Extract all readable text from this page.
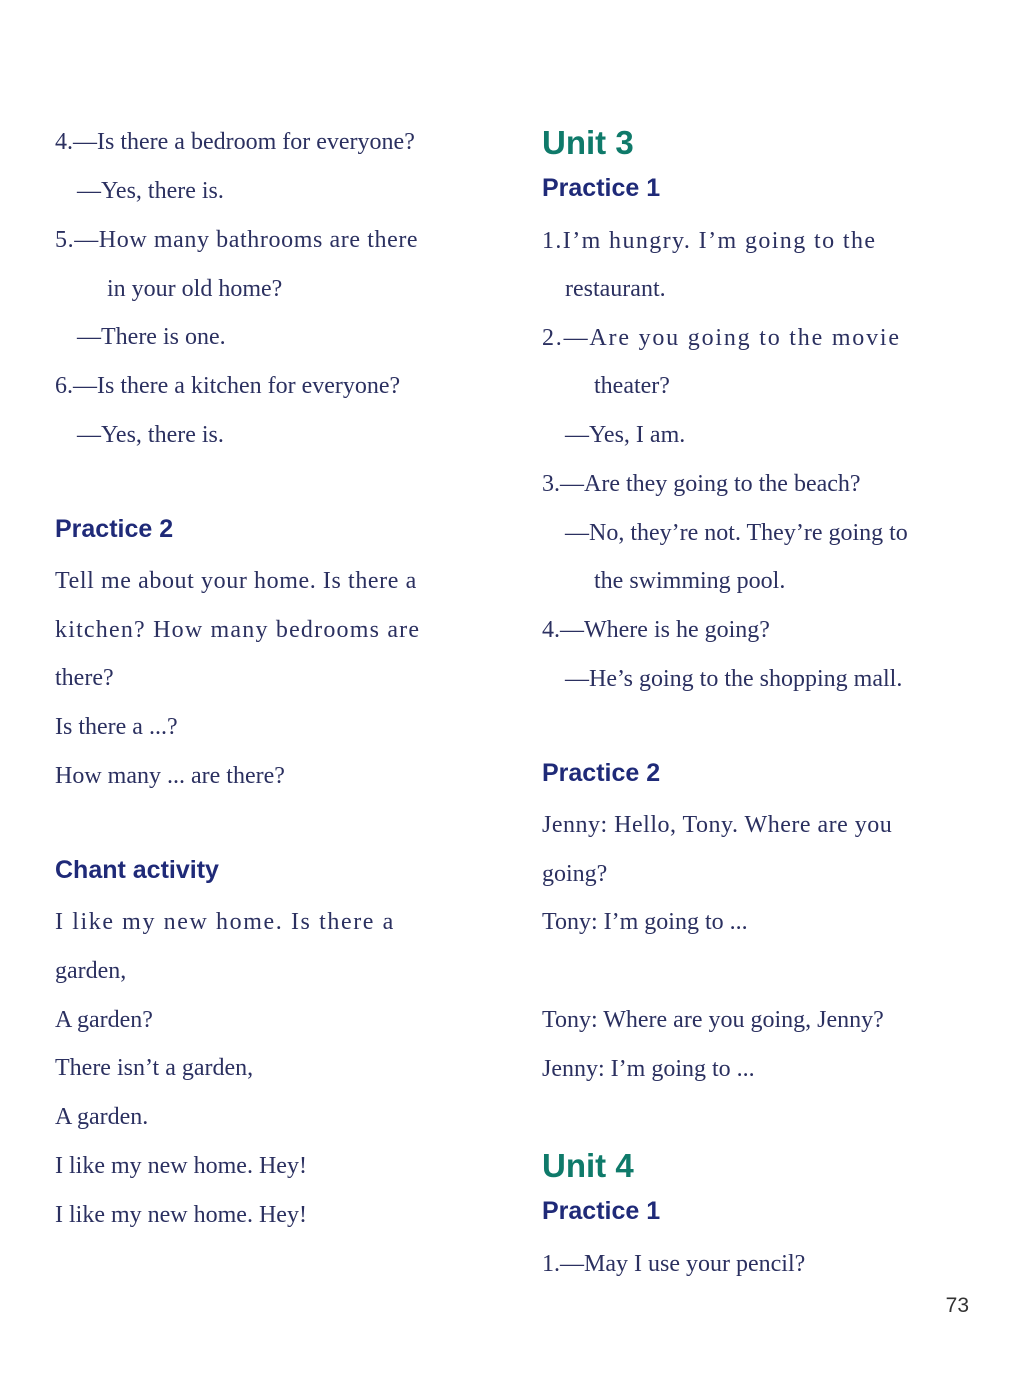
4.—Is there a bedroom for everyone?
—Yes, there is.
5.—How many bathrooms are there
in your old home?
—There is one.
6.—Is there a kitchen for everyone?
—Yes, there is.
Practice 2
Tell me about your home. Is there a
kitchen? How many bedrooms are
there?
Is there a ...?
How many ... are there?
Chant activity
I like my new home. Is there a
garden,
A garden?
There isn’t a garden,
A garden.
I like my new home. Hey!
I like my new home. Hey!
Unit 3
Practice 1
1.I’m hungry. I’m going to the
restaurant.
2.—Are you going to the movie
theater?
—Yes, I am.
3.—Are they going to the beach?
—No, they’re not. They’re going to
the swimming pool.
4.—Where is he going?
—He’s going to the shopping mall.
Practice 2
Jenny: Hello, Tony. Where are you
going?
Tony: I’m going to ...
Tony: Where are you going, Jenny?
Jenny: I’m going to ...
Unit 4
Practice 1
1.—May I use your pencil?
73
